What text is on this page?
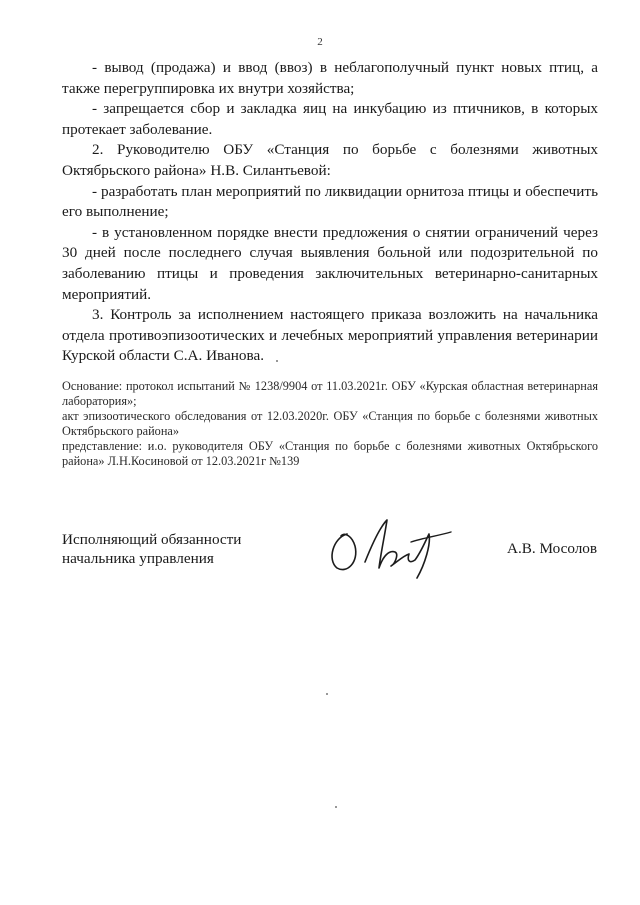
2

- вывод (продажа) и ввод (ввоз) в неблагополучный пункт новых птиц, а также перегруппировка их внутри хозяйства;

- запрещается сбор и закладка яиц на инкубацию из птичников, в которых протекает заболевание.

2. Руководителю ОБУ «Станция по борьбе с болезнями животных Октябрьского района» Н.В. Силантьевой:

- разработать план мероприятий по ликвидации орнитоза птицы и обеспечить его выполнение;

- в установленном порядке внести предложения о снятии ограничений через 30 дней после последнего случая выявления больной или подозрительной по заболеванию птицы и проведения заключительных ветеринарно-санитарных мероприятий.

3. Контроль за исполнением настоящего приказа возложить на начальника отдела противоэпизоотических и лечебных мероприятий управления ветеринарии Курской области С.А. Иванова.

Основание: протокол испытаний № 1238/9904 от 11.03.2021г. ОБУ «Курская областная ветеринарная лаборатория»;

акт эпизоотического обследования от 12.03.2020г. ОБУ «Станция по борьбе с болезнями животных Октябрьского района»

представление: и.о. руководителя ОБУ «Станция по борьбе с болезнями животных Октябрьского района» Л.Н.Косиновой от 12.03.2021г №139

Исполняющий обязанности
начальника управления
А.В. Мосолов
